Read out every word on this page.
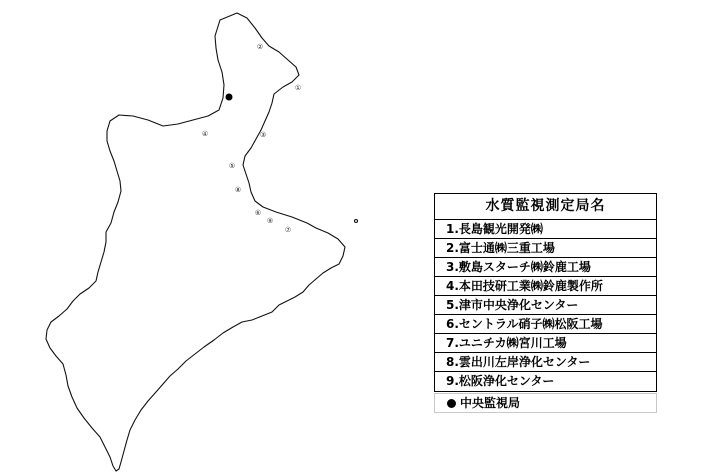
①
②
③
④
⑤
⑥
⑦
⑧
⑨
水質監視測定局名
1.長島観光開発㈱
2.富士通㈱三重工場
3.敷島スターチ㈱鈴鹿工場
4.本田技研工業㈱鈴鹿製作所
5.津市中央浄化センター
6.セントラル硝子㈱松阪工場
7.ユニチカ㈱宮川工場
8.雲出川左岸浄化センター
9.松阪浄化センター
中央監視局
